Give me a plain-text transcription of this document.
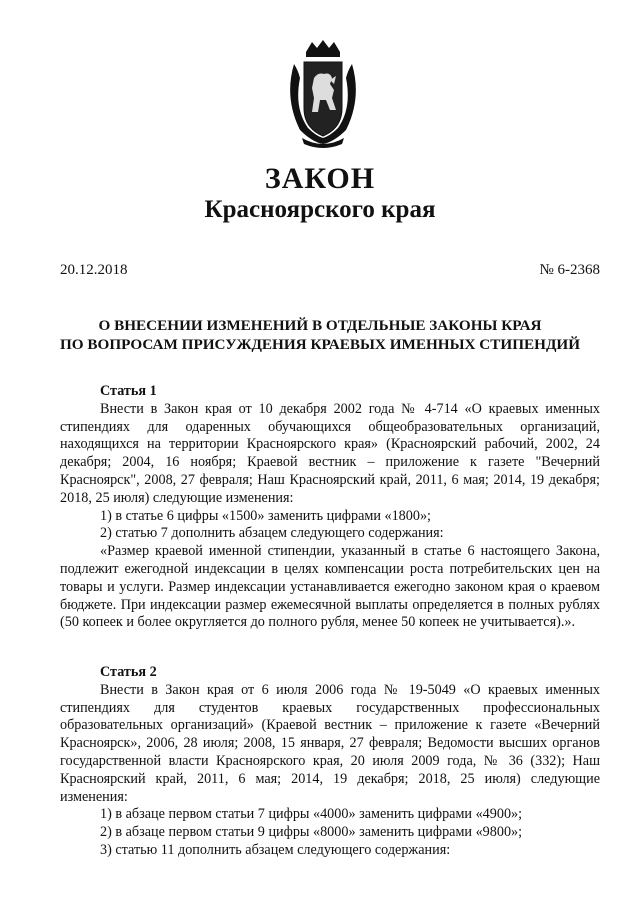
ЗАКОН
Красноярского края
20.12.2018	№ 6-2368
О ВНЕСЕНИИ ИЗМЕНЕНИЙ В ОТДЕЛЬНЫЕ ЗАКОНЫ КРАЯ
ПО ВОПРОСАМ ПРИСУЖДЕНИЯ КРАЕВЫХ ИМЕННЫХ СТИПЕНДИЙ
Статья 1

Внести в Закон края от 10 декабря 2002 года № 4-714 «О краевых именных стипендиях для одаренных обучающихся общеобразовательных организаций, находящихся на территории Красноярского края» (Красноярский рабочий, 2002, 24 декабря; 2004, 16 ноября; Краевой вестник – приложение к газете "Вечерний Красноярск", 2008, 27 февраля; Наш Красноярский край, 2011, 6 мая; 2014, 19 декабря; 2018, 25 июля) следующие изменения:

1) в статье 6 цифры «1500» заменить цифрами «1800»;
2) статью 7 дополнить абзацем следующего содержания:

«Размер краевой именной стипендии, указанный в статье 6 настоящего Закона, подлежит ежегодной индексации в целях компенсации роста потребительских цен на товары и услуги. Размер индексации устанавливается ежегодно законом края о краевом бюджете. При индексации размер ежемесячной выплаты определяется в полных рублях (50 копеек и более округляется до полного рубля, менее 50 копеек не учитывается).».

Статья 2

Внести в Закон края от 6 июля 2006 года № 19-5049 «О краевых именных стипендиях для студентов краевых государственных профессиональных образовательных организаций» (Краевой вестник – приложение к газете «Вечерний Красноярск», 2006, 28 июля; 2008, 15 января, 27 февраля; Ведомости высших органов государственной власти Красноярского края, 20 июля 2009 года, № 36 (332); Наш Красноярский край, 2011, 6 мая; 2014, 19 декабря; 2018, 25 июля) следующие изменения:

1) в абзаце первом статьи 7 цифры «4000» заменить цифрами «4900»;
2) в абзаце первом статьи 9 цифры «8000» заменить цифрами «9800»;
3) статью 11 дополнить абзацем следующего содержания:
